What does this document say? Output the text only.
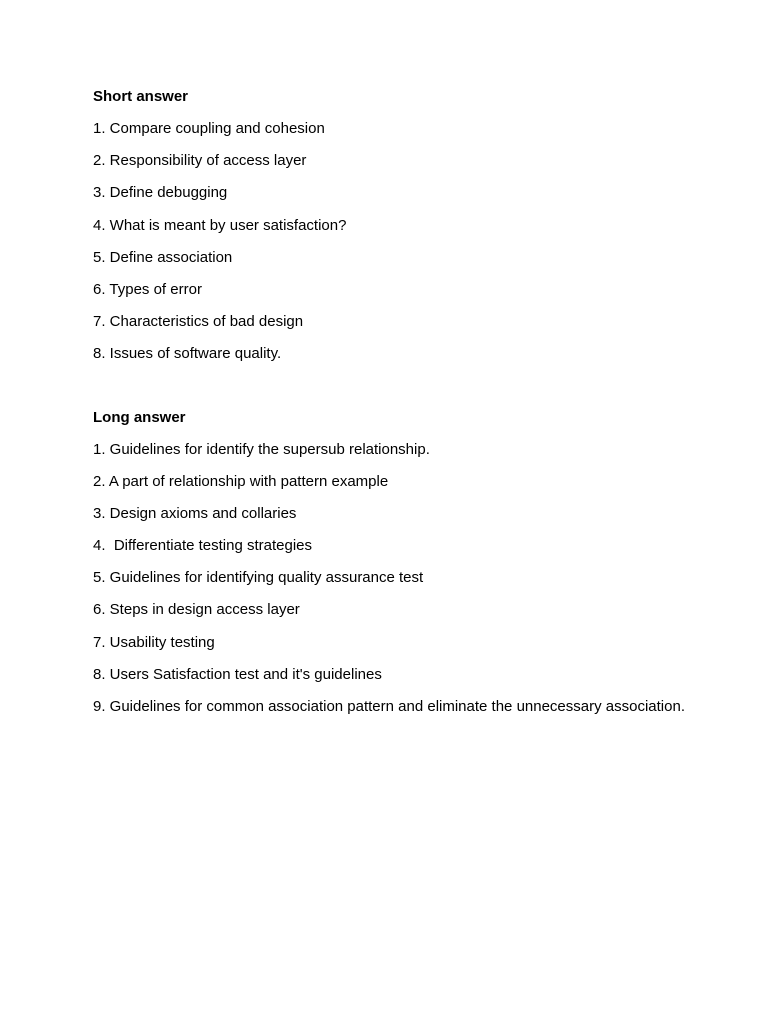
Short answer
1. Compare coupling and cohesion
2. Responsibility of access layer
3. Define debugging
4. What is meant by user satisfaction?
5. Define association
6. Types of error
7. Characteristics of bad design
8. Issues of software quality.
Long answer
1. Guidelines for identify the supersub relationship.
2. A part of relationship with pattern example
3. Design axioms and collaries
4.  Differentiate testing strategies
5. Guidelines for identifying quality assurance test
6. Steps in design access layer
7. Usability testing
8. Users Satisfaction test and it's guidelines
9. Guidelines for common association pattern and eliminate the unnecessary association.
